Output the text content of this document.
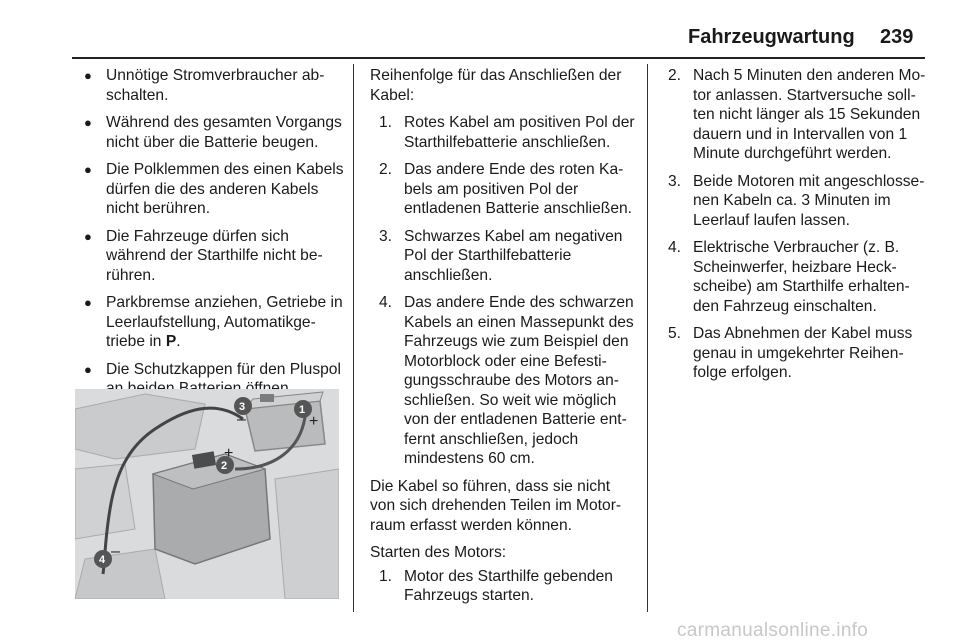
Fahrzeugwartung 239
● Unnötige Stromverbraucher abschalten.
● Während des gesamten Vorgangs nicht über die Batterie beugen.
● Die Polklemmen des einen Kabels dürfen die des anderen Kabels nicht berühren.
● Die Fahrzeuge dürfen sich während der Starthilfe nicht berühren.
● Parkbremse anziehen, Getriebe in Leerlaufstellung, Automatikgetriebe in P.
● Die Schutzkappen für den Pluspol
3	1
2
4
+
+
–
–
Reihenfolge für das Anschließen der Kabel:
1. Rotes Kabel am positiven Pol der Starthilfebatterie anschließen.
2. Das andere Ende des roten Kabels am positiven Pol der entladenen Batterie anschließen.
3. Schwarzes Kabel am negativen Pol der Starthilfebatterie anschließen.
4. Das andere Ende des schwarzen Kabels an einen Massepunkt des Fahrzeugs wie zum Beispiel den Motorblock oder eine Befestigungsschraube des Motors anschließen. So weit wie möglich von der entladenen Batterie entfernt anschließen, jedoch mindestens 60 cm.
Die Kabel so führen, dass sie nicht von sich drehenden Teilen im Motorraum erfasst werden können.
Starten des Motors:
1. Motor des Starthilfe gebenden Fahrzeugs starten.
2. Nach 5 Minuten den anderen Motor anlassen. Startversuche sollten nicht länger als 15 Sekunden dauern und in Intervallen von 1 Minute durchgeführt werden.
3. Beide Motoren mit angeschlossenen Kabeln ca. 3 Minuten im Leerlauf laufen lassen.
4. Elektrische Verbraucher (z. B. Scheinwerfer, heizbare Heckscheibe) am Starthilfe erhaltenden Fahrzeug einschalten.
5. Das Abnehmen der Kabel muss genau in umgekehrter Reihenfolge erfolgen.
carmanualsonline.info
